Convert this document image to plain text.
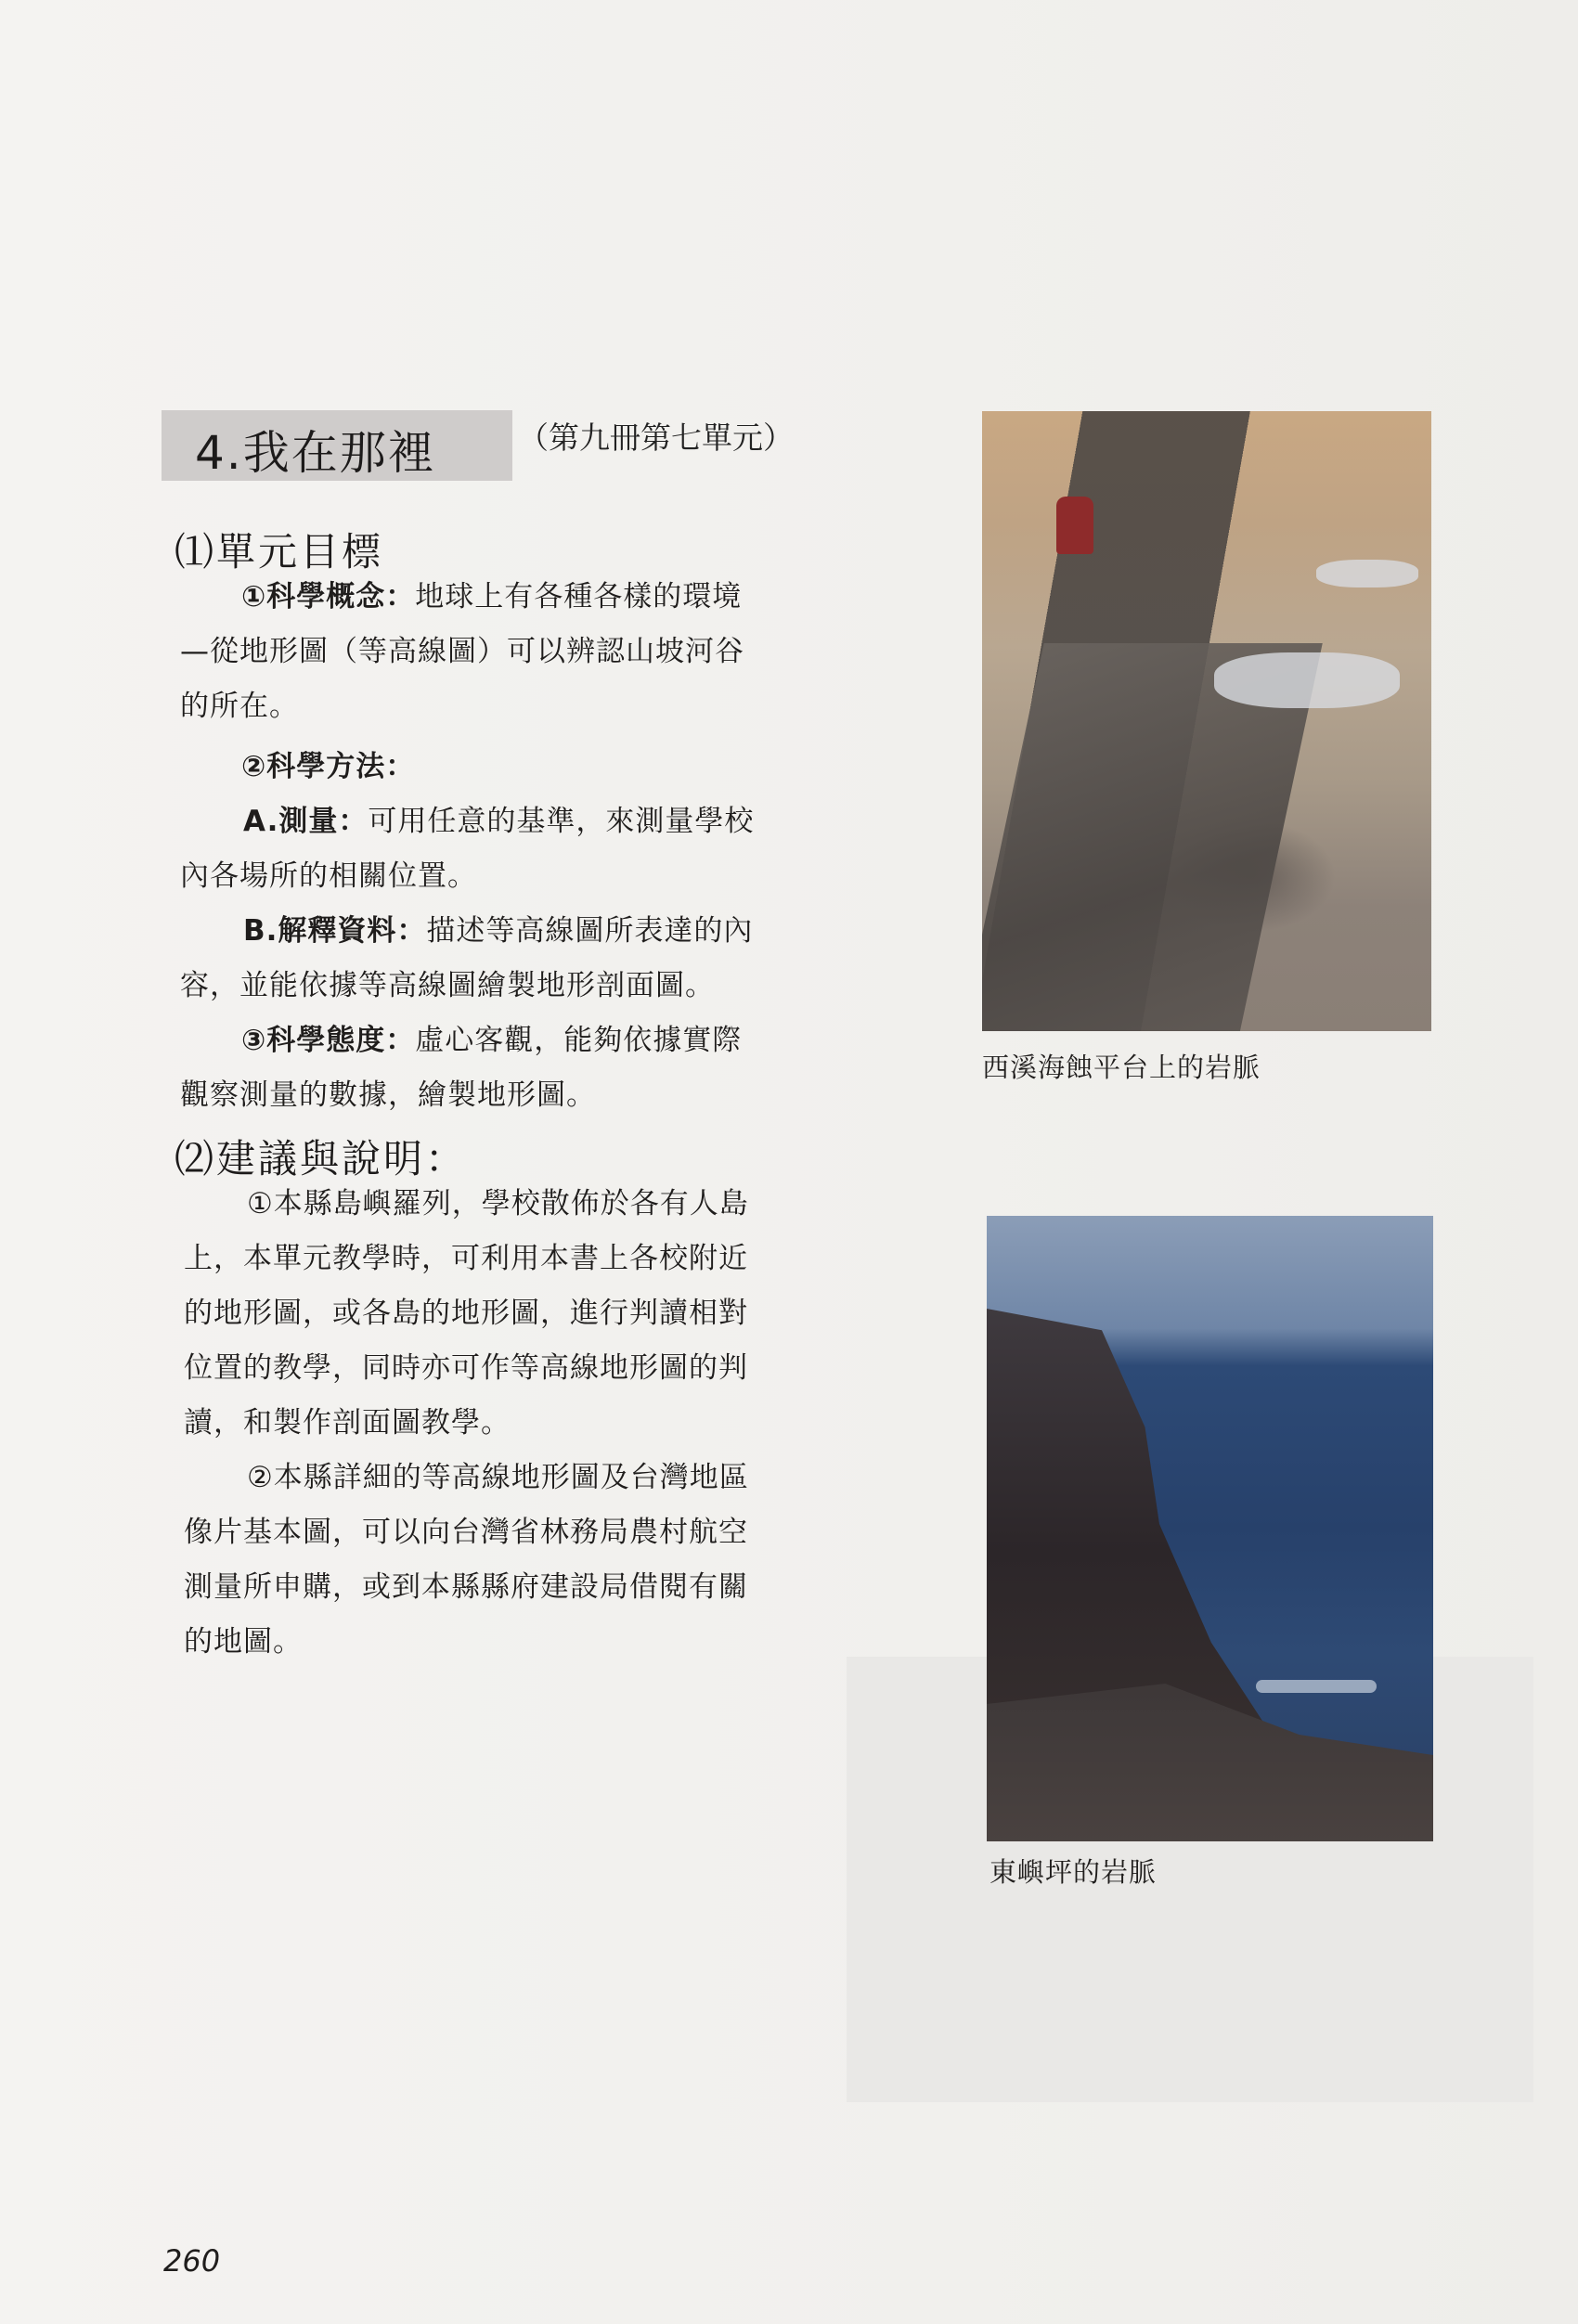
4.我在那裡	（第九冊第七單元）
⑴單元目標
①科學概念：地球上有各種各樣的環境
—從地形圖（等高線圖）可以辨認山坡河谷
的所在。
②科學方法：
A.測量：可用任意的基準，來測量學校
內各場所的相關位置。
B.解釋資料：描述等高線圖所表達的內
容，並能依據等高線圖繪製地形剖面圖。
③科學態度：虛心客觀，能夠依據實際
觀察測量的數據，繪製地形圖。
⑵建議與說明：
①本縣島嶼羅列，學校散佈於各有人島
上，本單元教學時，可利用本書上各校附近
的地形圖，或各島的地形圖，進行判讀相對
位置的教學，同時亦可作等高線地形圖的判
讀，和製作剖面圖教學。
②本縣詳細的等高線地形圖及台灣地區
像片基本圖，可以向台灣省林務局農村航空
測量所申購，或到本縣縣府建設局借閱有關
的地圖。
西溪海蝕平台上的岩脈
東嶼坪的岩脈
260
